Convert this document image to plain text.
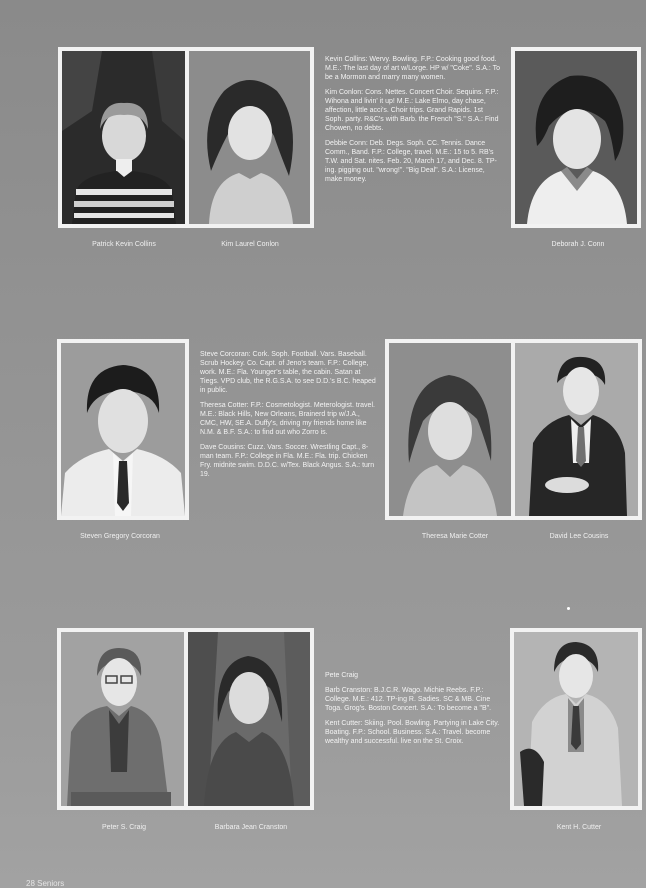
Patrick Kevin Collins	Kim Laurel Conlon

Kevin Collins: Wervy. Bowling. F.P.: Cooking good food. M.E.: The last day of art w/Lorge. HP w/ "Coke". S.A.: To be a Mormon and marry many women.

Kim Conlon: Cons. Nettes. Concert Choir. Sequins. F.P.: Wihona and livin' it up! M.E.: Lake Elmo, day chase, affection, little acci's. Choir trips. Grand Rapids. 1st Soph. party. R&C's with Barb. the French "S." S.A.: Find Chowen, no debts.

Debbie Conn: Deb. Degs. Soph. CC. Tennis. Dance Comm., Band. F.P.: College, travel. M.E.: 15 to 5. RB's T.W. and Sat. nites. Feb. 20, March 17, and Dec. 8. TP-ing. pigging out. "wrong!". "Big Deal". S.A.: License, make money.

Deborah J. Conn
Steven Gregory Corcoran

Steve Corcoran: Cork. Soph. Football. Vars. Baseball. Scrub Hockey. Co. Capt. of Jeno's team. F.P.: College, work. M.E.: Fla. Younger's table, the cabin. Satan at Tiegs. VPD club, the R.G.S.A. to see D.D.'s B.C. heaped in public.

Theresa Cotter: F.P.: Cosmetologist. Meterologist. travel. M.E.: Black Hills, New Orleans, Brainerd trip w/J.A., CMC, HW, SE.A. Duffy's, driving my friends home like N.M. & B.F. S.A.: to find out who Zorro is.

Dave Cousins: Cuzz. Vars. Soccer. Wrestling Capt., 8-man team. F.P.: College in Fla. M.E.: Fla. trip. Chicken Fry. midnite swim. D.D.C. w/Tex. Black Angus. S.A.: turn 19.

Theresa Marie Cotter	David Lee Cousins
Peter S. Craig	Barbara Jean Cranston

Pete Craig

Barb Cranston: B.J.C.R. Wago. Michie Reebs. F.P.: College. M.E.: 412. TP-ing R. Sadies. SC & MB. Cine Toga. Grog's. Boston Concert. S.A.: To become a "B".

Kent Cutter: Skiing. Pool. Bowling. Partying in Lake City. Boating. F.P.: School. Business. S.A.: Travel. become wealthy and successful. live on the St. Croix.

Kent H. Cutter
28 Seniors
